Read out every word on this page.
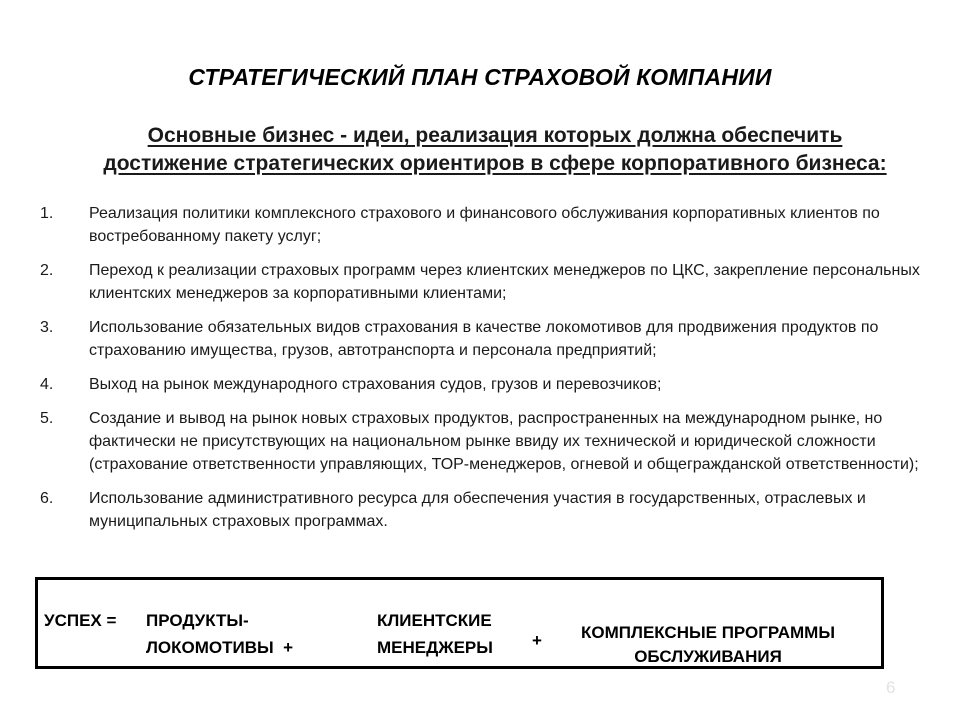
СТРАТЕГИЧЕСКИЙ ПЛАН СТРАХОВОЙ КОМПАНИИ
Основные бизнес - идеи, реализация которых должна обеспечить
достижение стратегических ориентиров в сфере корпоративного бизнеса:
1.	Реализация политики комплексного страхового и финансового обслуживания корпоративных клиентов по востребованному пакету услуг;
2.	Переход к реализации страховых программ через клиентских менеджеров по ЦКС, закрепление персональных клиентских менеджеров за корпоративными клиентами;
3.	Использование обязательных видов страхования в качестве локомотивов для продвижения продуктов по страхованию имущества, грузов, автотранспорта и персонала предприятий;
4.	Выход на рынок международного страхования судов, грузов и перевозчиков;
5.	Создание и вывод на рынок новых страховых продуктов, распространенных на международном рынке, но фактически не присутствующих на национальном рынке ввиду их технической и юридической сложности (страхование ответственности управляющих, ТОР-менеджеров, огневой и общегражданской ответственности);
6.	Использование административного ресурса для обеспечения участия в государственных, отраслевых и муниципальных страховых программах.
УСПЕХ = ПРОДУКТЫ-
ЛОКОМОТИВЫ  +
КЛИЕНТСКИЕ
МЕНЕДЖЕРЫ +	КОМПЛЕКСНЫЕ ПРОГРАММЫ
ОБСЛУЖИВАНИЯ
6
